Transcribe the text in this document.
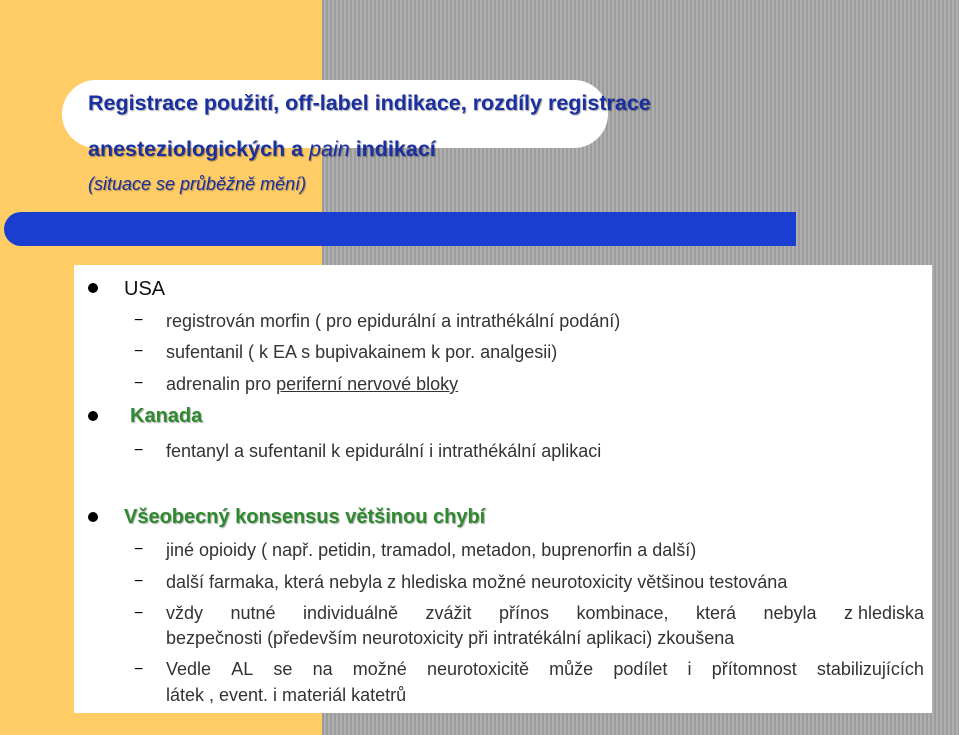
Registrace použití, off-label indikace, rozdíly registrace
anesteziologických a pain indikací
(situace se průběžně mění)
USA
− registrován morfin ( pro epidurální a intrathékální podání)
− sufentanil ( k EA s bupivakainem k por. analgesii)
− adrenalin pro periferní nervové bloky
Kanada
− fentanyl a sufentanil k epidurální i intrathékální aplikaci
Všeobecný konsensus většinou chybí
− jiné opioidy ( např. petidin, tramadol, metadon, buprenorfin a další)
− další farmaka, která nebyla z hlediska možné neurotoxicity většinou testována
− vždy nutné individuálně zvážit přínos kombinace, která nebyla z hlediska
bezpečnosti (především neurotoxicity při intratékální aplikaci) zkoušena
− Vedle AL se na možné neurotoxicitě může podílet i přítomnost stabilizujících
látek , event. i materiál katetrů
